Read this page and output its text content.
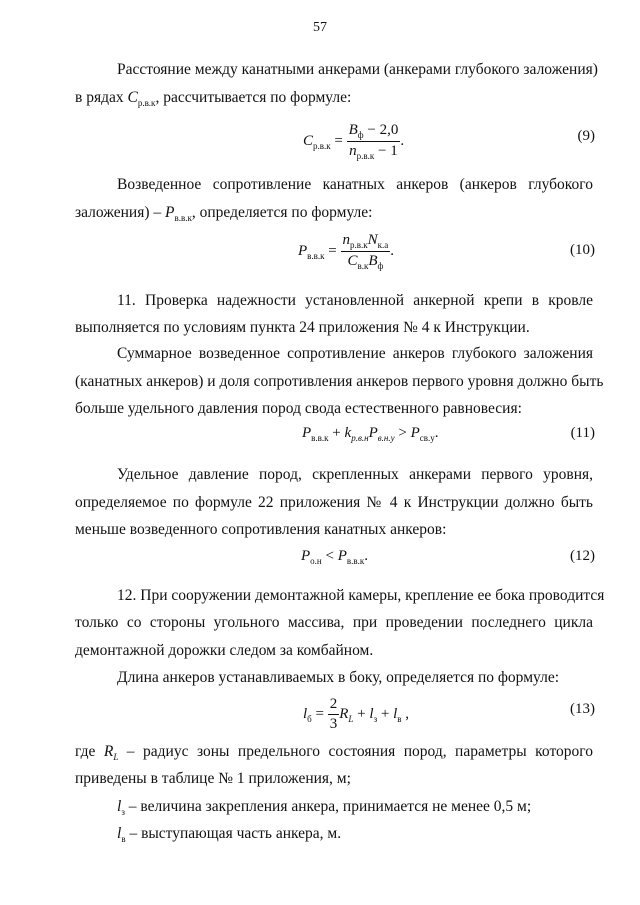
57
Расстояние между канатными анкерами (анкерами глубокого заложения)
в рядах $C_{р.в.к}$, рассчитывается по формуле:
$C_{р.в.к} = \frac{B_ф - 2,0}{n_{р.в.к} - 1}$ .	(9)
Возведенное сопротивление канатных анкеров (анкеров глубокого
заложения) – $P_{в.в.к}$, определяется по формуле:
$P_{в.в.к} = \frac{n_{р.в.к}N_{к.а}}{C_{в.к}B_ф}$ .	(10)
11. Проверка надежности установленной анкерной крепи в кровле
выполняется по условиям пункта 24 приложения № 4 к Инструкции.
Суммарное возведенное сопротивление анкеров глубокого заложения
(канатных анкеров) и доля сопротивления анкеров первого уровня должно быть
больше удельного давления пород свода естественного равновесия:
$P_{в.в.к} + k_{р.в.н}P_{в.н.у} > P_{св.у}$.	(11)
Удельное давление пород, скрепленных анкерами первого уровня,
определяемое по формуле 22 приложения № 4 к Инструкции должно быть
меньше возведенного сопротивления канатных анкеров:
$P_{о.н} < P_{в.в.к}$.	(12)
12. При сооружении демонтажной камеры, крепление ее бока проводится
только со стороны угольного массива, при проведении последнего цикла
демонтажной дорожки следом за комбайном.
Длина анкеров устанавливаемых в боку, определяется по формуле:
$l_б = \frac{2}{3} R_L + l_з + l_в$ ,	(13)
где $R_L$ – радиус зоны предельного состояния пород, параметры которого
приведены в таблице № 1 приложения, м;
$l_з$ – величина закрепления анкера, принимается не менее 0,5 м;
$l_в$ – выступающая часть анкера, м.
